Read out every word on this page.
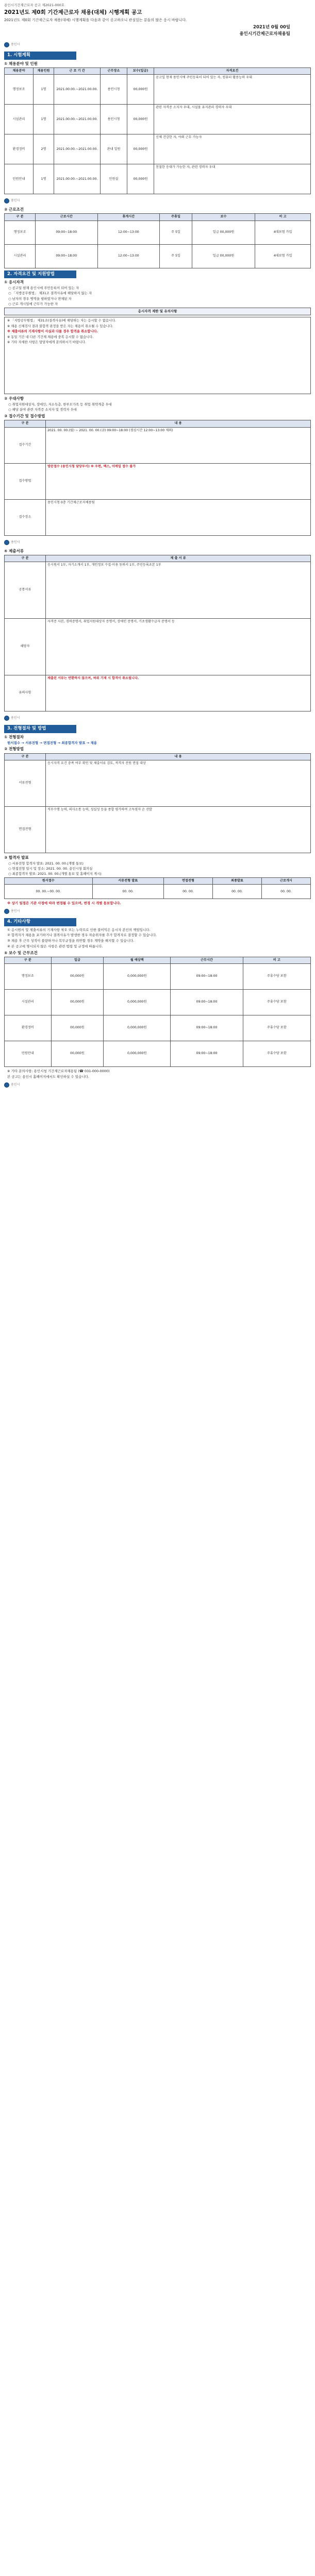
용인시기간제근로자 공고 제2021-000호
2021년도 제0회 기간제근로자 채용(대체) 시행계획 공고
2021년도 제0회 기간제근로자 채용(대체) 시행계획을 다음과 같이 공고하오니 관심있는 분들의 많은 응시 바랍니다.
2021년 0월 00일
용인시기간제근로자채용팀
용인시
1. 시험계획
① 채용분야 및 인원
채용분야	채용인원	근 로 기 간	근무장소	보수(일급)	자격요건
행정보조	1명	2021.00.00.~2021.00.00.	용인시청	00,000원	공고일 현재 용인시에 주민등록이 되어 있는 자, 컴퓨터 활용능력 우대
시설관리	1명	2021.00.00.~2021.00.00.	용인시청	00,000원	관련 자격증 소지자 우대, 시설물 유지관리 경력자 우대
환경정비	2명	2021.00.00.~2021.00.00.	관내 일원	00,000원	신체 건강한 자, 야외 근무 가능자
민원안내	1명	2021.00.00.~2021.00.00.	민원실	00,000원	친절한 응대가 가능한 자, 관련 경력자 우대
용인시
② 근로조건
구 분	근로시간	휴게시간	주휴일	보수	비 고
행정보조	09:00~18:00	12:00~13:00	주 5일	일급 00,000원	4대보험 가입
시설관리	09:00~18:00	12:00~13:00	주 5일	일급 00,000원	4대보험 가입
2. 자격요건 및 지원방법
① 응시자격
○ 공고일 현재 용인시에 주민등록이 되어 있는 자
○ 「지방공무원법」 제31조 결격사유에 해당하지 않는 자
○ 남자의 경우 병역을 필하였거나 면제된 자
○ 근로 개시일에 근무가 가능한 자
응시자격 제한 및 유의사항

※ 「지방공무원법」 제31조(결격사유)에 해당하는 자는 응시할 수 없습니다.

※ 채용 신체검사 결과 불합격 판정을 받은 자는 채용이 취소될 수 있습니다.

※ 제출서류의 기재사항이 사실과 다를 경우 합격을 취소합니다.

※ 동일 기간 내 다른 기간제 채용에 중복 응시할 수 없습니다.

※ 기타 자세한 사항은 담당자에게 문의하시기 바랍니다.

② 우대사항
○ 취업지원대상자, 장애인, 저소득층, 한부모가족 등 취업 취약계층 우대
○ 해당 분야 관련 자격증 소지자 및 경력자 우대
③ 접수기간 및 접수방법
구 분	내 용
접수기간	2021. 00. 00.(월) ~ 2021. 00. 00.(금) 09:00~18:00 (점심시간 12:00~13:00 제외)
접수방법	방문접수 (용인시청 담당부서) ※ 우편, 팩스, 이메일 접수 불가
접수장소	용인시청 0층 기간제근로자채용팀
용인시
④ 제출서류
구 분	제 출 서 류
공통서류	응시원서 1부, 자기소개서 1부, 개인정보 수집·이용 동의서 1부, 주민등록초본 1부
해당자	자격증 사본, 경력증명서, 취업지원대상자 증명서, 장애인 증명서, 기초생활수급자 증명서 등
유의사항	제출된 서류는 반환하지 않으며, 허위 기재 시 합격이 취소됩니다.
용인시
3. 전형절차 및 방법
① 전형절차
원서접수 → 서류전형 → 면접전형 → 최종합격자 발표 → 채용
② 전형방법
구 분	내 용
서류전형	응시자격 요건 충족 여부 확인 및 제출서류 검토, 적격자 전원 면접 대상
면접전형	직무수행 능력, 의사소통 능력, 성실성 등을 종합 평가하여 고득점자 순 선발
③ 합격자 발표
○ 서류전형 합격자 발표: 2021. 00. 00.(개별 통보)
○ 면접전형 일시 및 장소: 2021. 00. 00. 용인시청 회의실
○ 최종합격자 발표: 2021. 00. 00.(개별 통보 및 홈페이지 게시)
원서접수	서류전형 발표	면접전형	최종발표	근로개시
00. 00.~00. 00.	00. 00.	00. 00.	00. 00.	00. 00.
※ 상기 일정은 기관 사정에 따라 변경될 수 있으며, 변경 시 개별 통보합니다.
용인시
4. 기타사항
① 응시원서 및 제출서류의 기재사항 착오 또는 누락으로 인한 불이익은 응시자 본인의 책임입니다.
② 합격자가 채용을 포기하거나 결격사유가 발생한 경우 차순위자를 추가 합격자로 결정할 수 있습니다.
③ 채용 후 근무 성적이 불량하거나 복무규정을 위반할 경우 계약을 해지할 수 있습니다.
④ 본 공고에 명시되지 않은 사항은 관련 법령 및 규정에 따릅니다.
⑤ 보수 및 근무조건
구 분	일급	월 예상액	근무시간	비 고
행정보조	00,000원	0,000,000원	09:00~18:00	주휴수당 포함
시설관리	00,000원	0,000,000원	09:00~18:00	주휴수당 포함
환경정비	00,000원	0,000,000원	09:00~18:00	주휴수당 포함
민원안내	00,000원	0,000,000원	09:00~18:00	주휴수당 포함
※ 기타 문의사항: 용인시청 기간제근로자채용팀 (☎ 031-000-0000)
본 공고는 용인시 홈페이지에서도 확인하실 수 있습니다.
용인시
